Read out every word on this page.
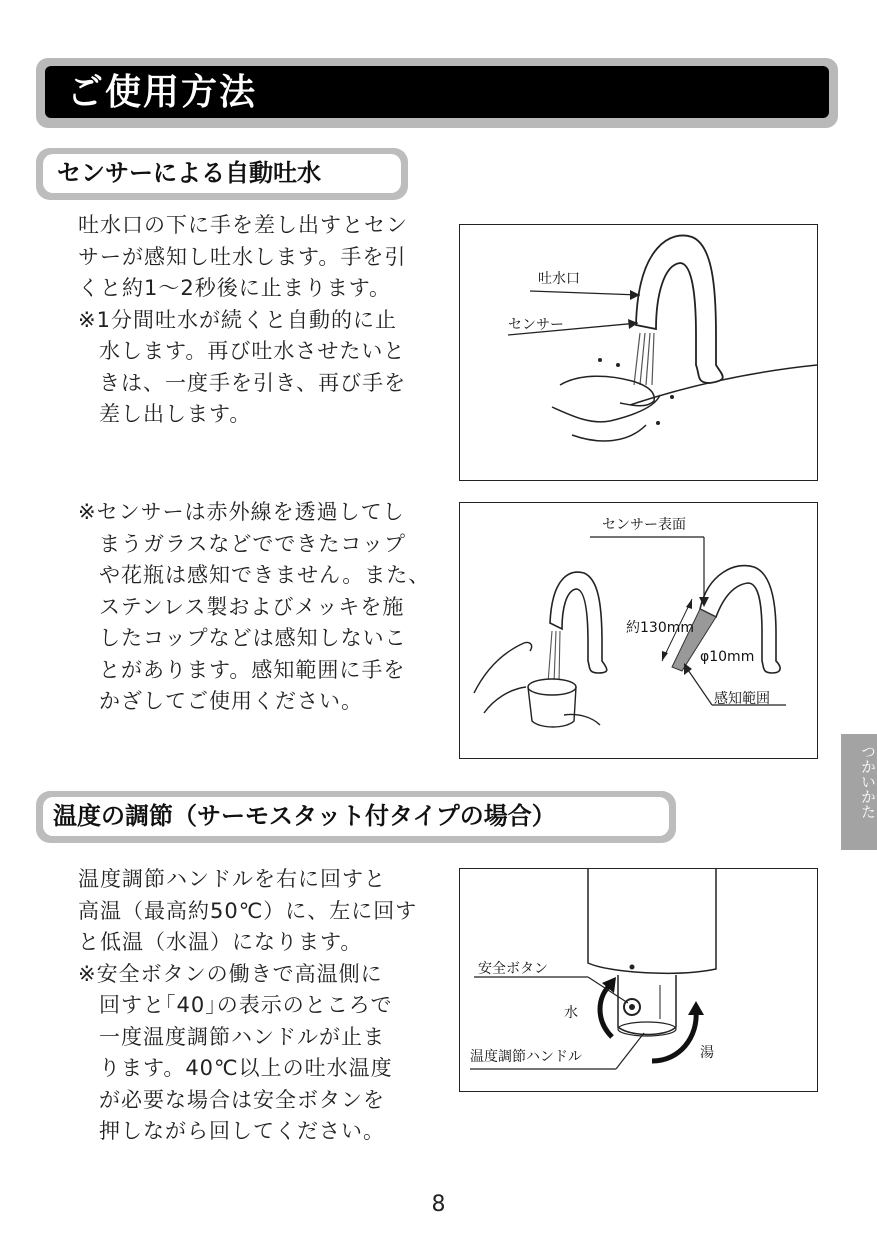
ご使用方法
センサーによる自動吐水
吐水口の下に手を差し出すとセン
サーが感知し吐水します。手を引
くと約1～2秒後に止まります。
※1分間吐水が続くと自動的に止
水します。再び吐水させたいと
きは、一度手を引き、再び手を
差し出します。
吐水口
センサー
※センサーは赤外線を透過してし
まうガラスなどでできたコップ
や花瓶は感知できません。また、
ステンレス製およびメッキを施
したコップなどは感知しないこ
とがあります。感知範囲に手を
かざしてご使用ください。
センサー表面
約130mm
φ10mm
感知範囲
つかいかた
温度の調節（サーモスタット付タイプの場合）
温度調節ハンドルを右に回すと
高温（最高約50℃）に、左に回す
と低温（水温）になります。
※安全ボタンの働きで高温側に
回すと｢40｣の表示のところで
一度温度調節ハンドルが止ま
ります。40℃以上の吐水温度
が必要な場合は安全ボタンを
押しながら回してください。
安全ボタン
水
温度調節ハンドル	湯
8
